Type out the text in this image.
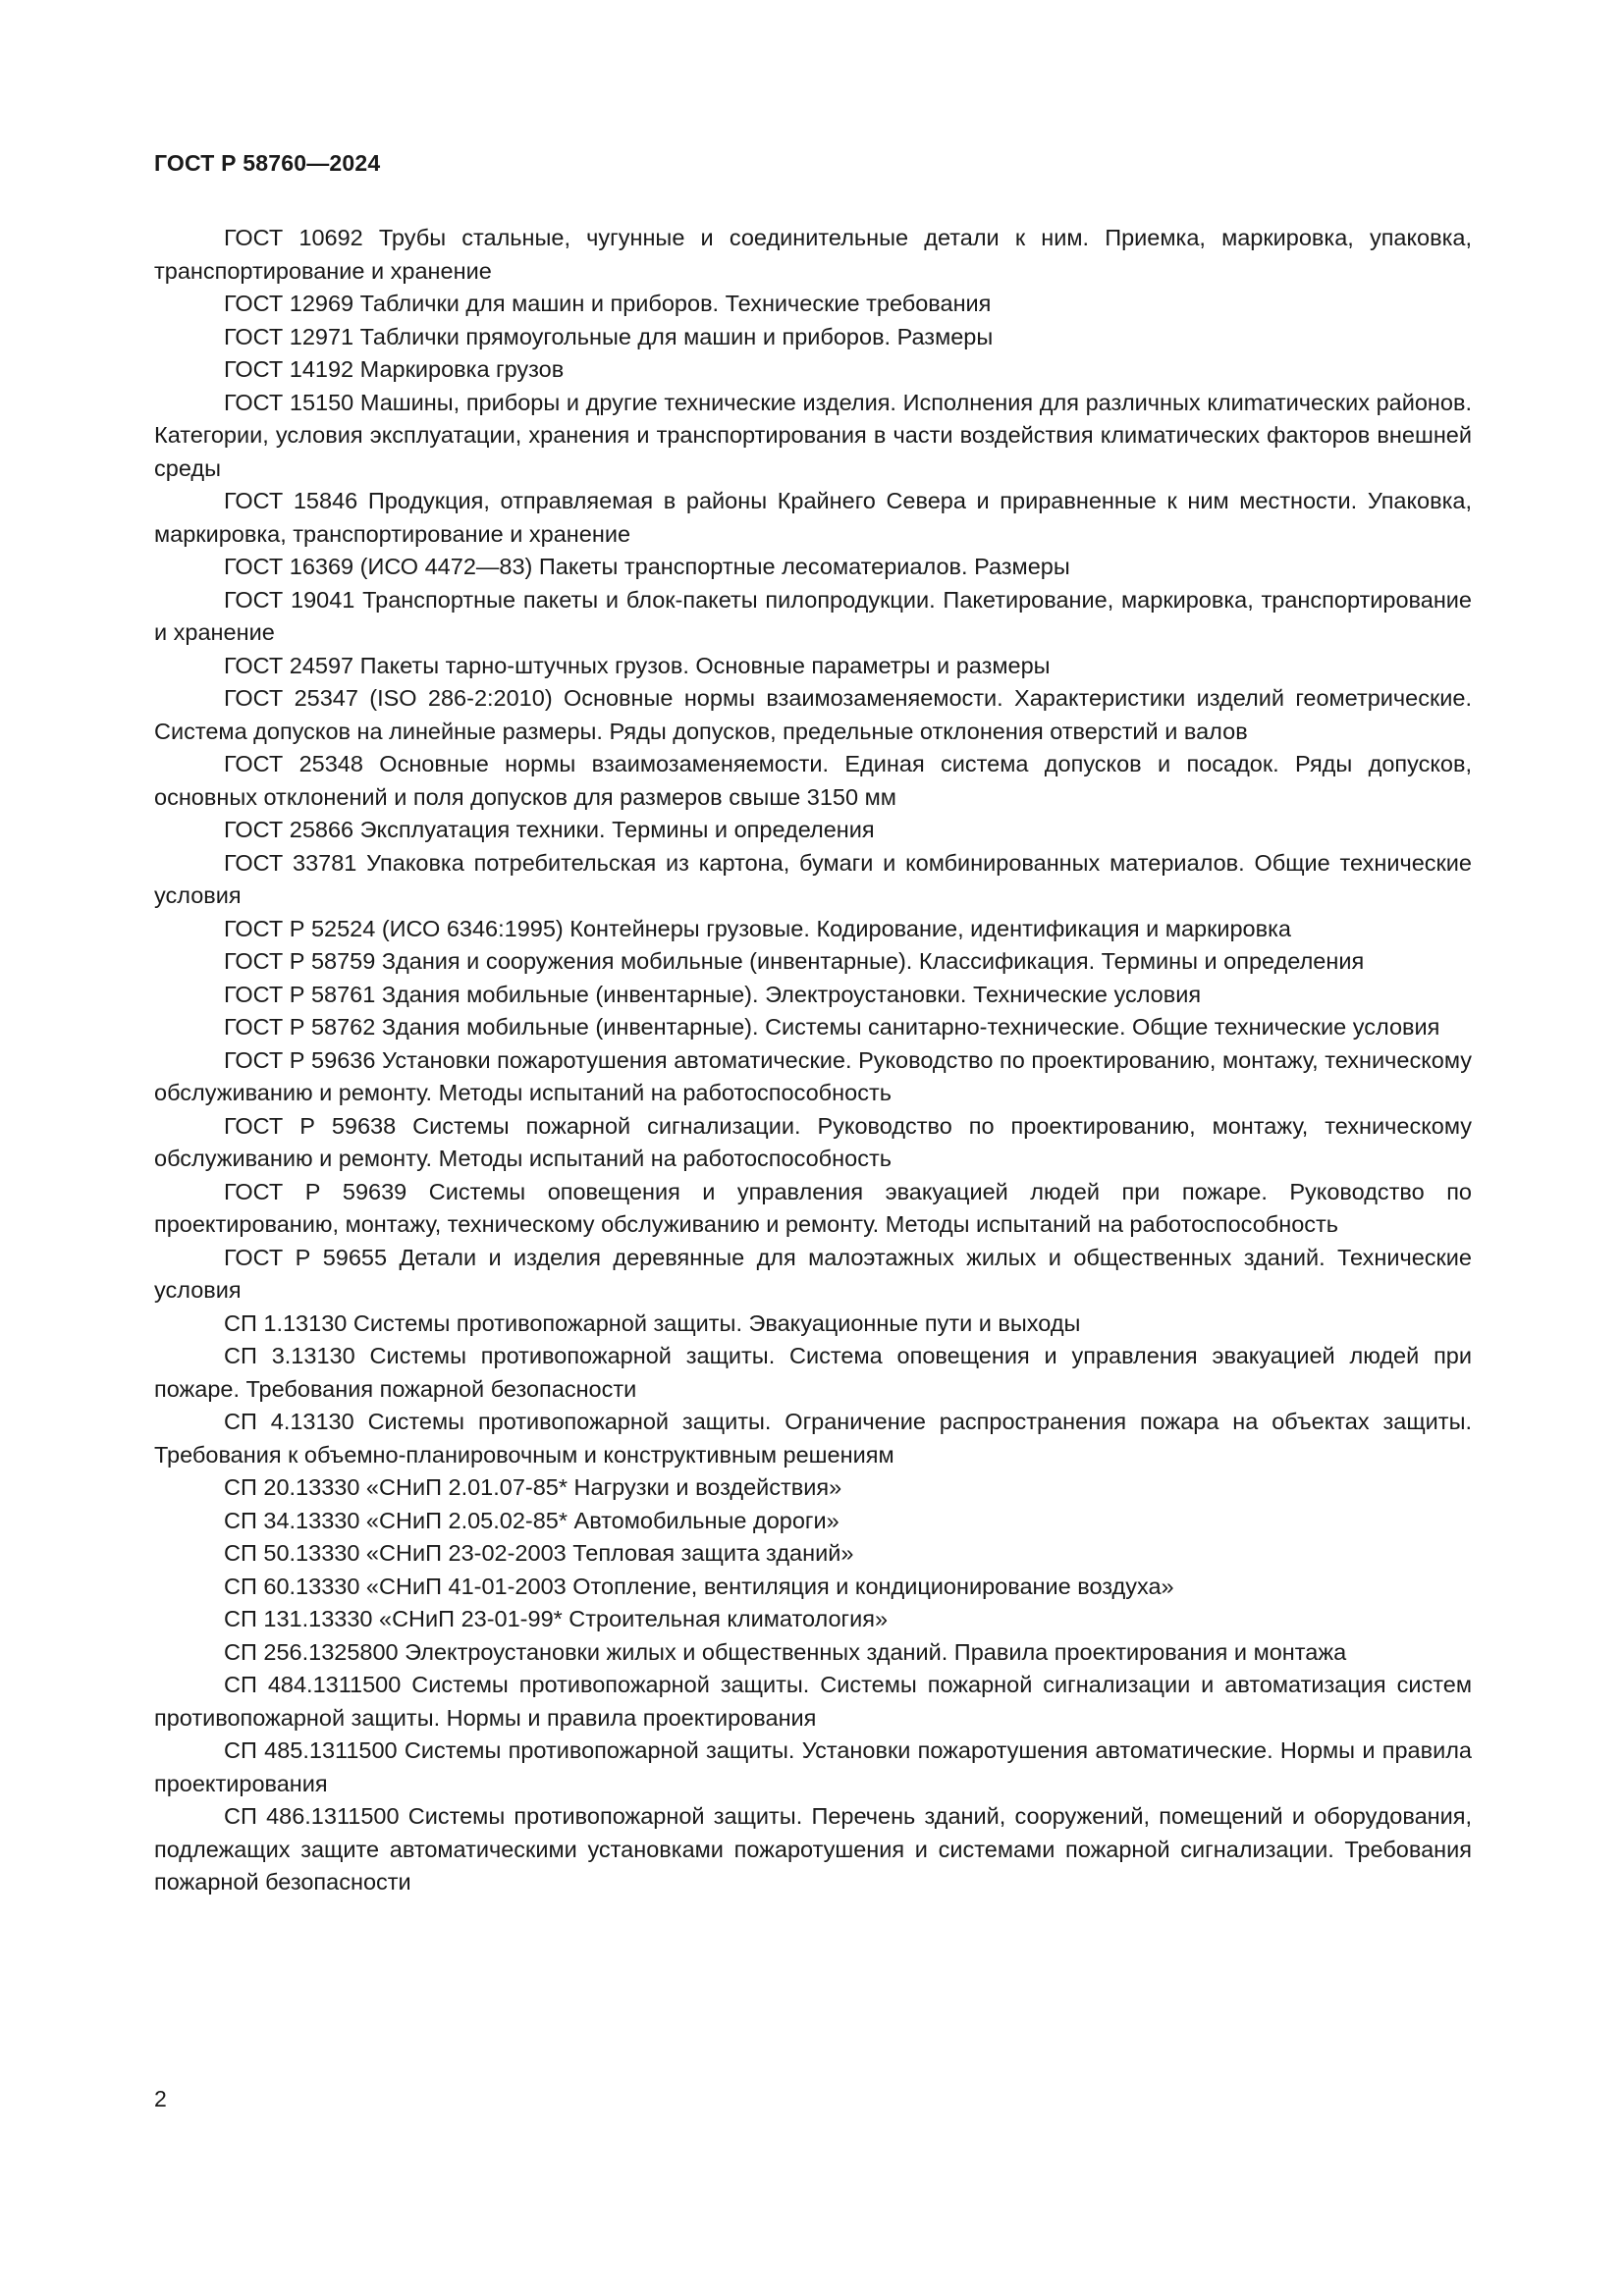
ГОСТ Р 58760—2024

ГОСТ 10692 Трубы стальные, чугунные и соединительные детали к ним. Приемка, маркировка, упаковка, транспортирование и хранение

ГОСТ 12969 Таблички для машин и приборов. Технические требования

ГОСТ 12971 Таблички прямоугольные для машин и приборов. Размеры

ГОСТ 14192 Маркировка грузов

ГОСТ 15150 Машины, приборы и другие технические изделия. Исполнения для различных клиmатических районов. Категории, условия эксплуатации, хранения и транспортирования в части воздействия климатических факторов внешней среды

ГОСТ 15846 Продукция, отправляемая в районы Крайнего Севера и приравненные к ним местности. Упаковка, маркировка, транспортирование и хранение

ГОСТ 16369 (ИСО 4472—83) Пакеты транспортные лесоматериалов. Размеры

ГОСТ 19041 Транспортные пакеты и блок-пакеты пилопродукции. Пакетирование, маркировка, транспортирование и хранение

ГОСТ 24597 Пакеты тарно-штучных грузов. Основные параметры и размеры

ГОСТ 25347 (ISO 286-2:2010) Основные нормы взаимозаменяемости. Характеристики изделий геометрические. Система допусков на линейные размеры. Ряды допусков, предельные отклонения отверстий и валов

ГОСТ 25348 Основные нормы взаимозаменяемости. Единая система допусков и посадок. Ряды допусков, основных отклонений и поля допусков для размеров свыше 3150 мм

ГОСТ 25866 Эксплуатация техники. Термины и определения

ГОСТ 33781 Упаковка потребительская из картона, бумаги и комбинированных материалов. Общие технические условия

ГОСТ Р 52524 (ИСО 6346:1995) Контейнеры грузовые. Кодирование, идентификация и маркировка

ГОСТ Р 58759 Здания и сооружения мобильные (инвентарные). Классификация. Термины и определения

ГОСТ Р 58761 Здания мобильные (инвентарные). Электроустановки. Технические условия

ГОСТ Р 58762 Здания мобильные (инвентарные). Системы санитарно-технические. Общие технические условия

ГОСТ Р 59636 Установки пожаротушения автоматические. Руководство по проектированию, монтажу, техническому обслуживанию и ремонту. Методы испытаний на работоспособность

ГОСТ Р 59638 Системы пожарной сигнализации. Руководство по проектированию, монтажу, техническому обслуживанию и ремонту. Методы испытаний на работоспособность

ГОСТ Р 59639 Системы оповещения и управления эвакуацией людей при пожаре. Руководство по проектированию, монтажу, техническому обслуживанию и ремонту. Методы испытаний на работоспособность

ГОСТ Р 59655 Детали и изделия деревянные для малоэтажных жилых и общественных зданий. Технические условия

СП 1.13130 Системы противопожарной защиты. Эвакуационные пути и выходы

СП 3.13130 Системы противопожарной защиты. Система оповещения и управления эвакуацией людей при пожаре. Требования пожарной безопасности

СП 4.13130 Системы противопожарной защиты. Ограничение распространения пожара на объектах защиты. Требования к объемно-планировочным и конструктивным решениям

СП 20.13330 «СНиП 2.01.07-85* Нагрузки и воздействия»

СП 34.13330 «СНиП 2.05.02-85* Автомобильные дороги»

СП 50.13330 «СНиП 23-02-2003 Тепловая защита зданий»

СП 60.13330 «СНиП 41-01-2003 Отопление, вентиляция и кондиционирование воздуха»

СП 131.13330 «СНиП 23-01-99* Строительная климатология»

СП 256.1325800 Электроустановки жилых и общественных зданий. Правила проектирования и монтажа

СП 484.1311500 Системы противопожарной защиты. Системы пожарной сигнализации и автоматизация систем противопожарной защиты. Нормы и правила проектирования

СП 485.1311500 Системы противопожарной защиты. Установки пожаротушения автоматические. Нормы и правила проектирования

СП 486.1311500 Системы противопожарной защиты. Перечень зданий, сооружений, помещений и оборудования, подлежащих защите автоматическими установками пожаротушения и системами пожарной сигнализации. Требования пожарной безопасности

2
